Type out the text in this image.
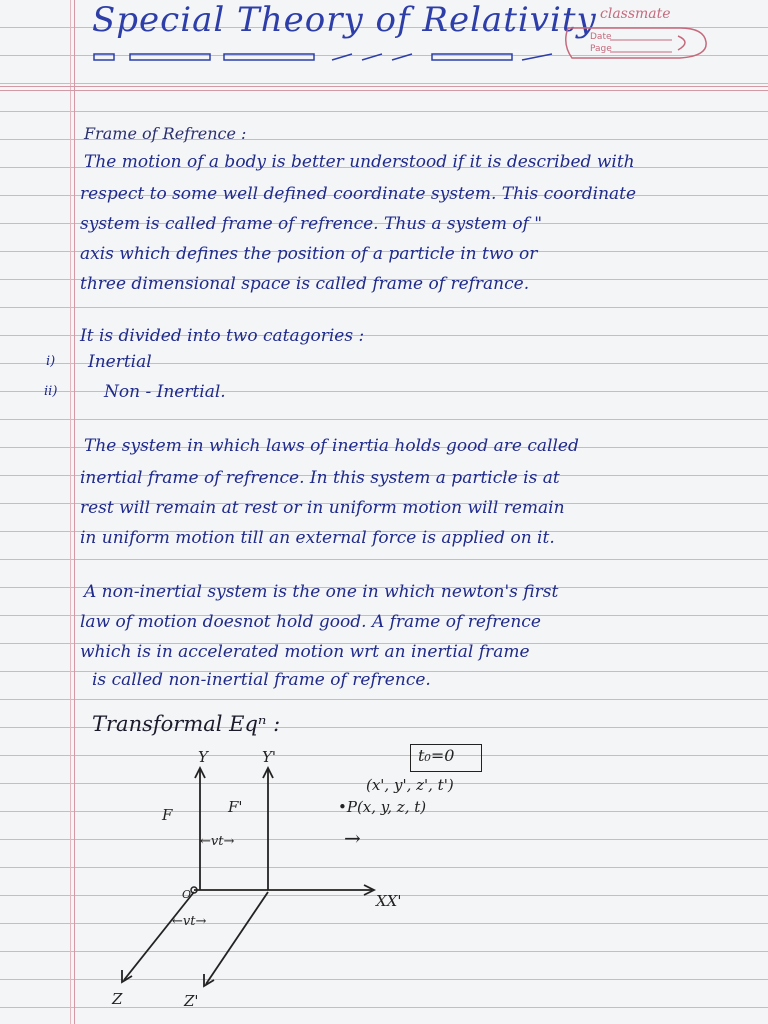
Special Theory of Relativity classmate
Date
Page
Frame of Refrence :
The motion of a body is better understood if it is described with
respect to some well defined coordinate system. This coordinate
system is called frame of refrence. Thus a system of "
axis which defines the position of a particle in two or
three dimensional space is called frame of refrance.
It is divided into two catagories :
i) Inertial
ii)	Non - Inertial.
The system in which laws of inertia holds good are called
inertial frame of refrence. In this system a particle is at
rest will remain at rest or in uniform motion will remain
in uniform motion till an external force is applied on it.
A non-inertial system is the one in which newton's first
law of motion doesnot hold good. A frame of refrence
which is in accelerated motion wrt an inertial frame
is called non-inertial frame of refrence.
Transformal Eqⁿ :
t₀=0
(x', y', z', t')
•P(x, y, z, t)
→
Y	Y'
F	F'
←vt→
O	XX'
←vt→
Z	Z'
